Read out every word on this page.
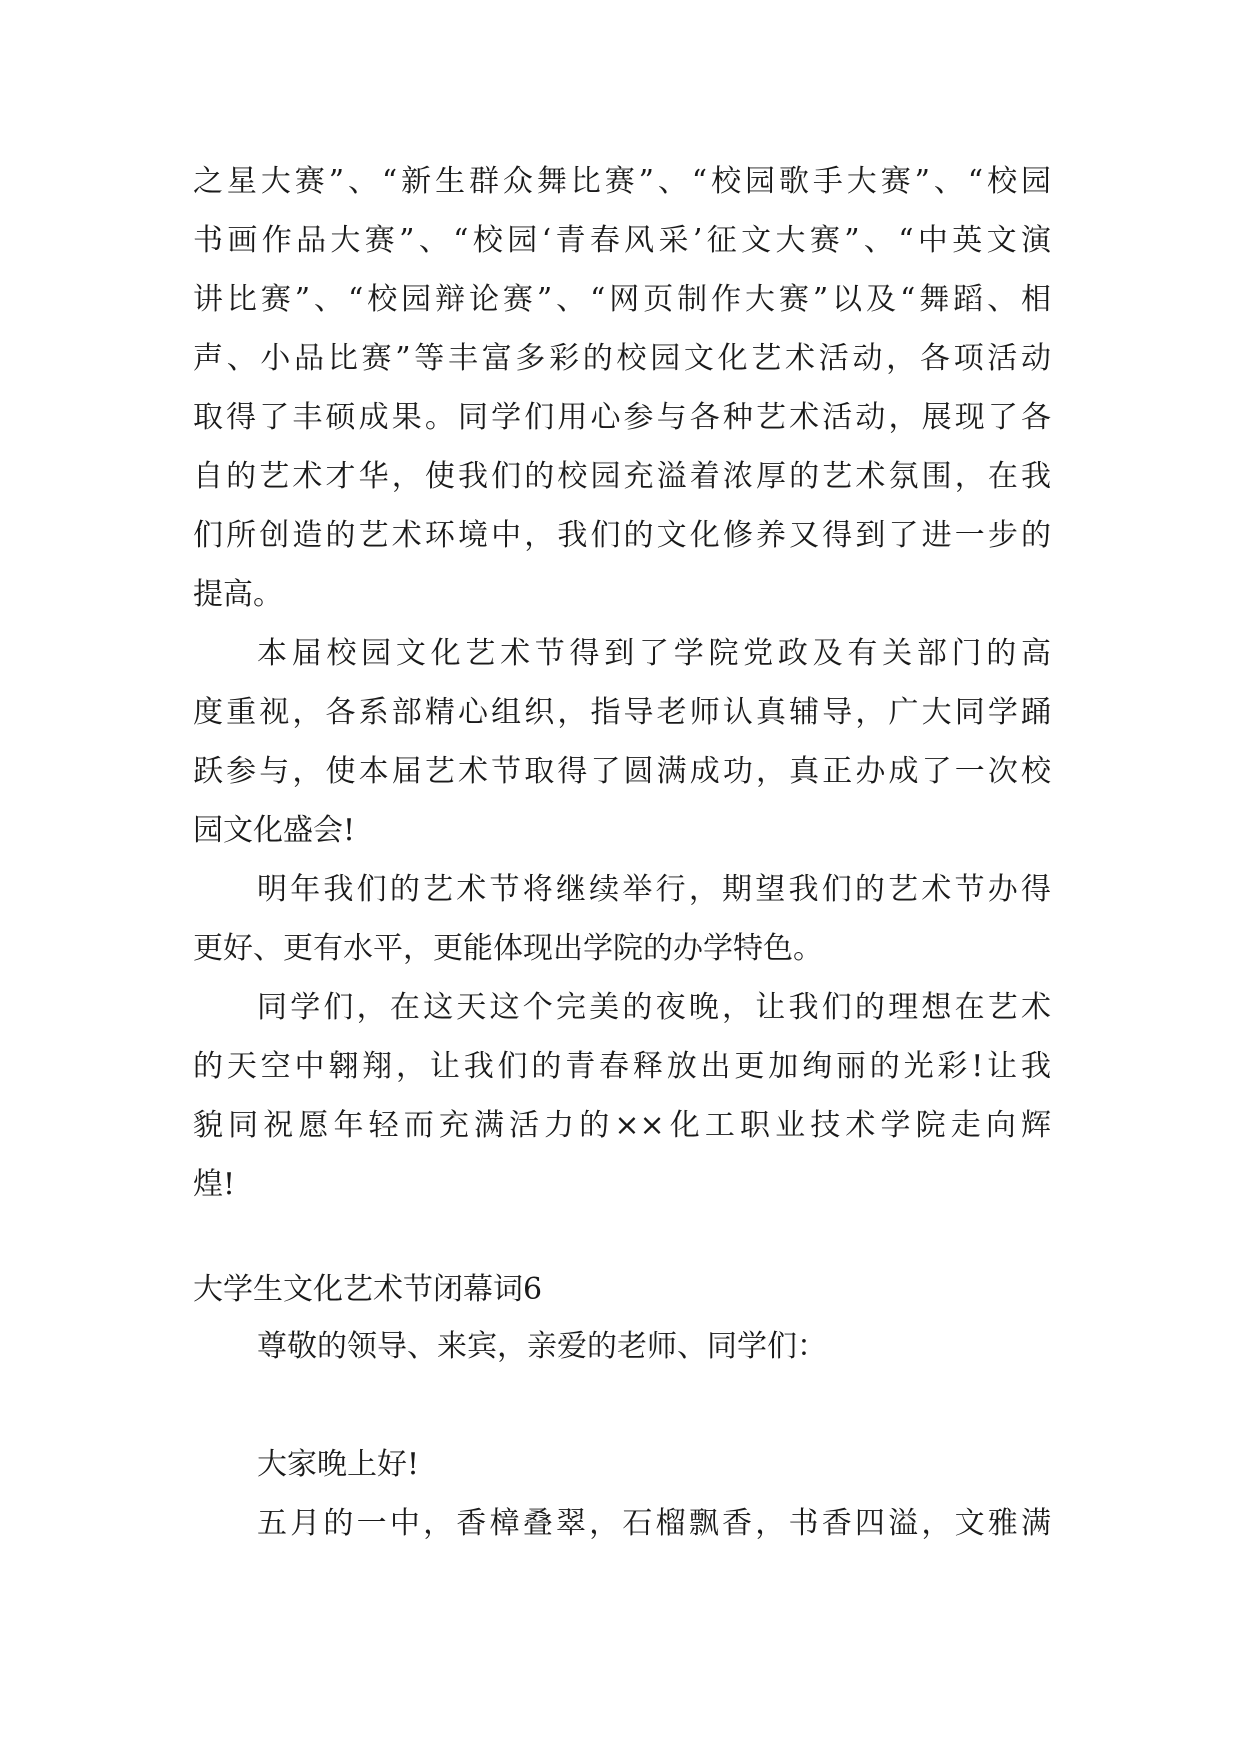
之星大赛”、“新生群众舞比赛”、“校园歌手大赛”、“校园
书画作品大赛”、“校园‘青春风采’征文大赛”、“中英文演
讲比赛”、“校园辩论赛”、“网页制作大赛”以及“舞蹈、相
声、小品比赛”等丰富多彩的校园文化艺术活动，各项活动
取得了丰硕成果。同学们用心参与各种艺术活动，展现了各
自的艺术才华，使我们的校园充溢着浓厚的艺术氛围，在我
们所创造的艺术环境中，我们的文化修养又得到了进一步的
提高。
本届校园文化艺术节得到了学院党政及有关部门的高
度重视，各系部精心组织，指导老师认真辅导，广大同学踊
跃参与，使本届艺术节取得了圆满成功，真正办成了一次校
园文化盛会!
明年我们的艺术节将继续举行，期望我们的艺术节办得
更好、更有水平，更能体现出学院的办学特色。
同学们，在这天这个完美的夜晚，让我们的理想在艺术
的天空中翱翔，让我们的青春释放出更加绚丽的光彩!让我
貌同祝愿年轻而充满活力的××化工职业技术学院走向辉
煌!
大学生文化艺术节闭幕词6
尊敬的领导、来宾，亲爱的老师、同学们：
大家晚上好!
五月的一中，香樟叠翠，石榴飘香，书香四溢，文雅满
